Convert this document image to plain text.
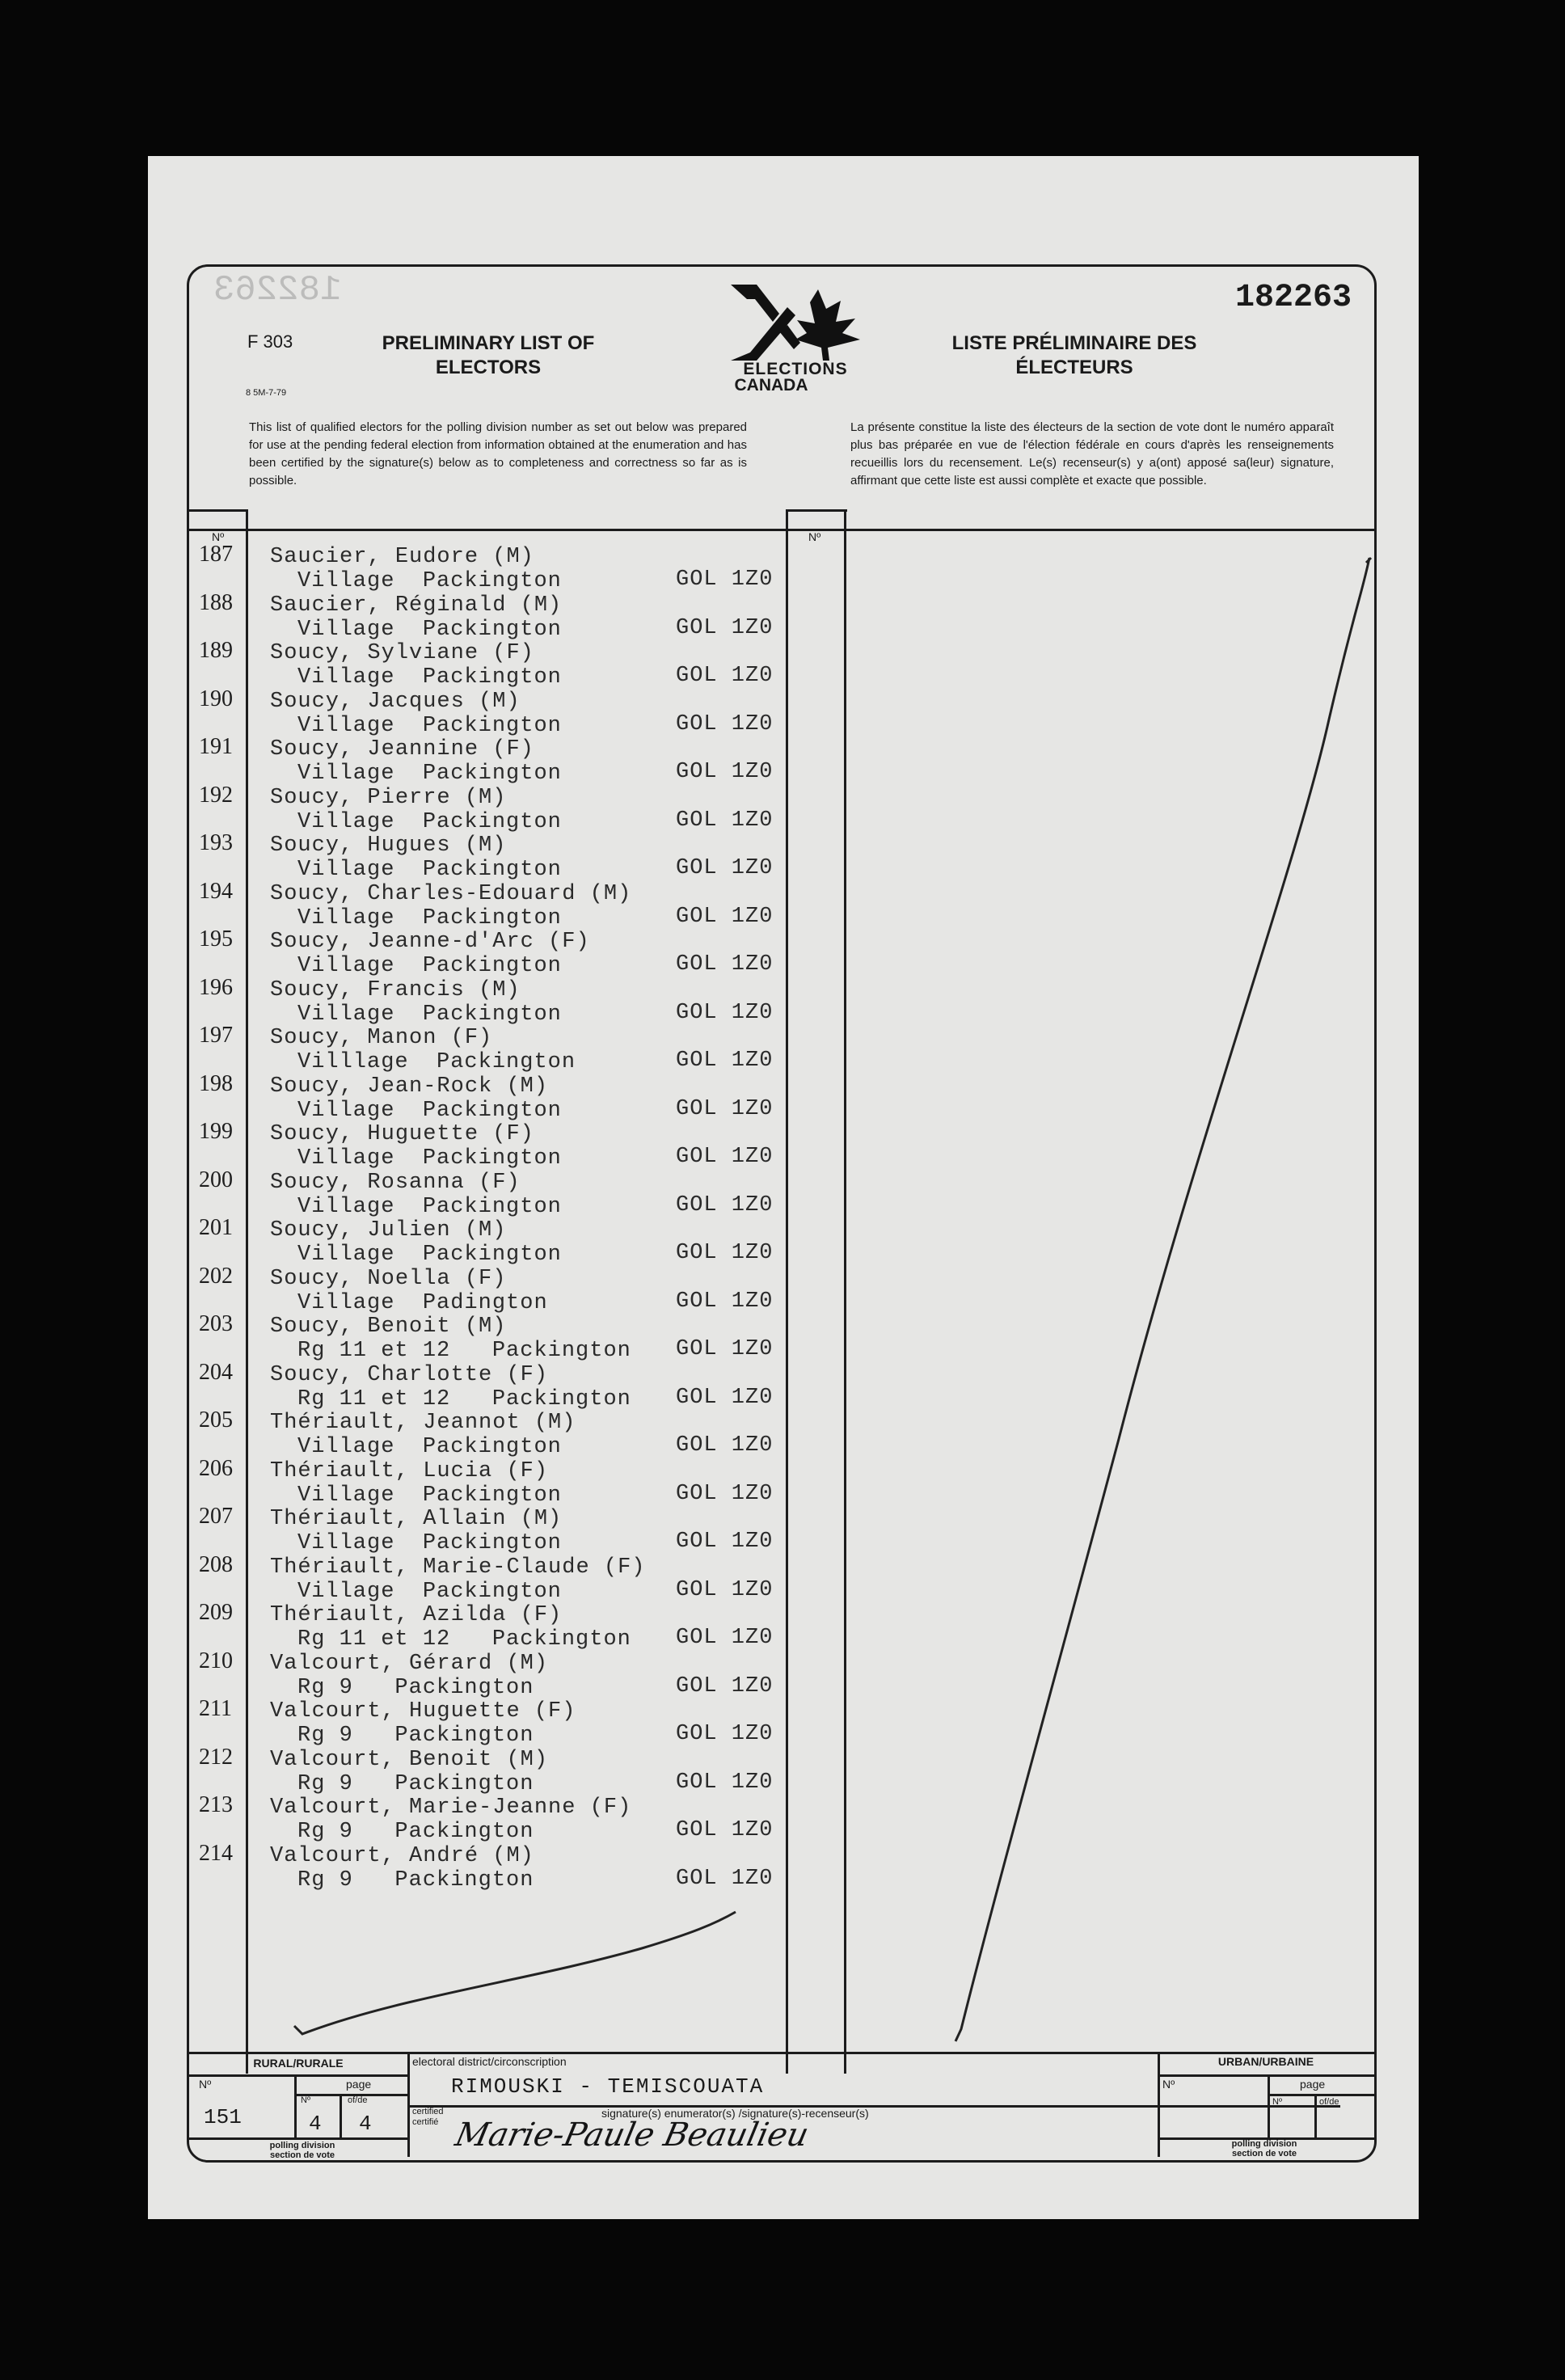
182263	182263
F 303
8 5M-7-79
PRELIMINARY LIST OF
ELECTORS
LISTE PRÉLIMINAIRE DES
ÉLECTEURS
ELECTIONS
CANADA
This list of qualified electors for the polling division number as set out below was prepared for use at the pending federal election from information obtained at the enumeration and has been certified by the signature(s) below as to completeness and correctness so far as is possible.
La présente constitue la liste des électeurs de la section de vote dont le numéro apparaît plus bas préparée en vue de l'élection fédérale en cours d'après les renseignements recueillis lors du recensement. Le(s) recenseur(s) y a(ont) apposé sa(leur) signature, affirmant que cette liste est aussi complète et exacte que possible.
Nº	Nº
187 Saucier, Eudore (M)
Village  Packington	GOL 1Z0
188 Saucier, Réginald (M)
Village  Packington	GOL 1Z0
189 Soucy, Sylviane (F)
Village  Packington	GOL 1Z0
190 Soucy, Jacques (M)
Village  Packington	GOL 1Z0
191 Soucy, Jeannine (F)
Village  Packington	GOL 1Z0
192 Soucy, Pierre (M)
Village  Packington	GOL 1Z0
193 Soucy, Hugues (M)
Village  Packington	GOL 1Z0
194 Soucy, Charles-Edouard (M)
Village  Packington	GOL 1Z0
195 Soucy, Jeanne-d'Arc (F)
Village  Packington	GOL 1Z0
196 Soucy, Francis (M)
Village  Packington	GOL 1Z0
197 Soucy, Manon (F)
Villlage  Packington	GOL 1Z0
198 Soucy, Jean-Rock (M)
Village  Packington	GOL 1Z0
199 Soucy, Huguette (F)
Village  Packington	GOL 1Z0
200 Soucy, Rosanna (F)
Village  Packington	GOL 1Z0
201 Soucy, Julien (M)
Village  Packington	GOL 1Z0
202 Soucy, Noella (F)
Village  Padington	GOL 1Z0
203 Soucy, Benoit (M)
Rg 11 et 12   Packington GOL 1Z0
204 Soucy, Charlotte (F)
Rg 11 et 12   Packington GOL 1Z0
205 Thériault, Jeannot (M)
Village  Packington	GOL 1Z0
206 Thériault, Lucia (F)
Village  Packington	GOL 1Z0
207 Thériault, Allain (M)
Village  Packington	GOL 1Z0
208 Thériault, Marie-Claude (F)
Village  Packington	GOL 1Z0
209 Thériault, Azilda (F)
Rg 11 et 12   Packington GOL 1Z0
210 Valcourt, Gérard (M)
Rg 9   Packington	GOL 1Z0
211 Valcourt, Huguette (F)
Rg 9   Packington	GOL 1Z0
212 Valcourt, Benoit (M)
Rg 9   Packington	GOL 1Z0
213 Valcourt, Marie-Jeanne (F)
Rg 9   Packington	GOL 1Z0
214 Valcourt, André (M)
Rg 9   Packington	GOL 1Z0
RURAL/RURALE
Nº	page
Nº	of/de
151	4 4
polling division
section de vote
electoral district/circonscription
RIMOUSKI - TEMISCOUATA
certified
certifié
signature(s) enumerator(s) /signature(s)-recenseur(s)
Marie-Paule Beaulieu
URBAN/URBAINE
Nº	page
Nº	of/de
polling division
section de vote
